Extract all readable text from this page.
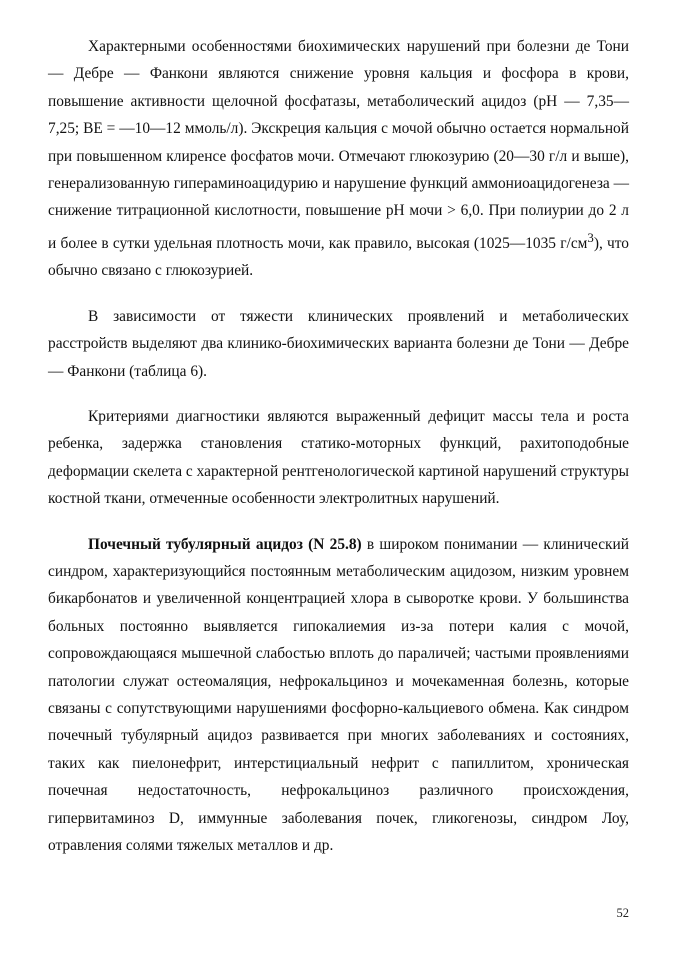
Характерными особенностями биохимических нарушений при болезни де Тони — Дебре — Фанкони являются снижение уровня кальция и фосфора в крови, повышение активности щелочной фосфатазы, метаболический ацидоз (рН — 7,35—7,25; ВЕ = —10—12 ммоль/л). Экскреция кальция с мочой обычно остается нормальной при повышенном клиренсе фосфатов мочи. Отмечают глюкозурию (20—30 г/л и выше), генерализованную гипераминоацидурию и нарушение функций аммониоацидогенеза — снижение титрационной кислотности, повышение рН мочи > 6,0. При полиурии до 2 л и более в сутки удельная плотность мочи, как правило, высокая (1025—1035 $г/см^3$), что обычно связано с глюкозурией.

В зависимости от тяжести клинических проявлений и метаболических расстройств выделяют два клинико-биохимических варианта болезни де Тони — Дебре — Фанкони (таблица 6).

Критериями диагностики являются выраженный дефицит массы тела и роста ребенка, задержка становления статико-моторных функций, рахитоподобные деформации скелета с характерной рентгенологической картиной нарушений структуры костной ткани, отмеченные особенности электролитных нарушений.

Почечный тубулярный ацидоз (N 25.8) в широком понимании — клинический синдром, характеризующийся постоянным метаболическим ацидозом, низким уровнем бикарбонатов и увеличенной концентрацией хлора в сыворотке крови. У большинства больных постоянно выявляется гипокалиемия из-за потери калия с мочой, сопровождающаяся мышечной слабостью вплоть до параличей; частыми проявлениями патологии служат остеомаляция, нефрокальциноз и мочекаменная болезнь, которые связаны с сопутствующими нарушениями фосфорно-кальциевого обмена. Как синдром почечный тубулярный ацидоз развивается при многих заболеваниях и состояниях, таких как пиелонефрит, интерстициальный нефрит с папиллитом, хроническая почечная недостаточность, нефрокальциноз различного происхождения, гипервитаминоз D, иммунные заболевания почек, гликогенозы, синдром Лоу, отравления солями тяжелых металлов и др.

52
